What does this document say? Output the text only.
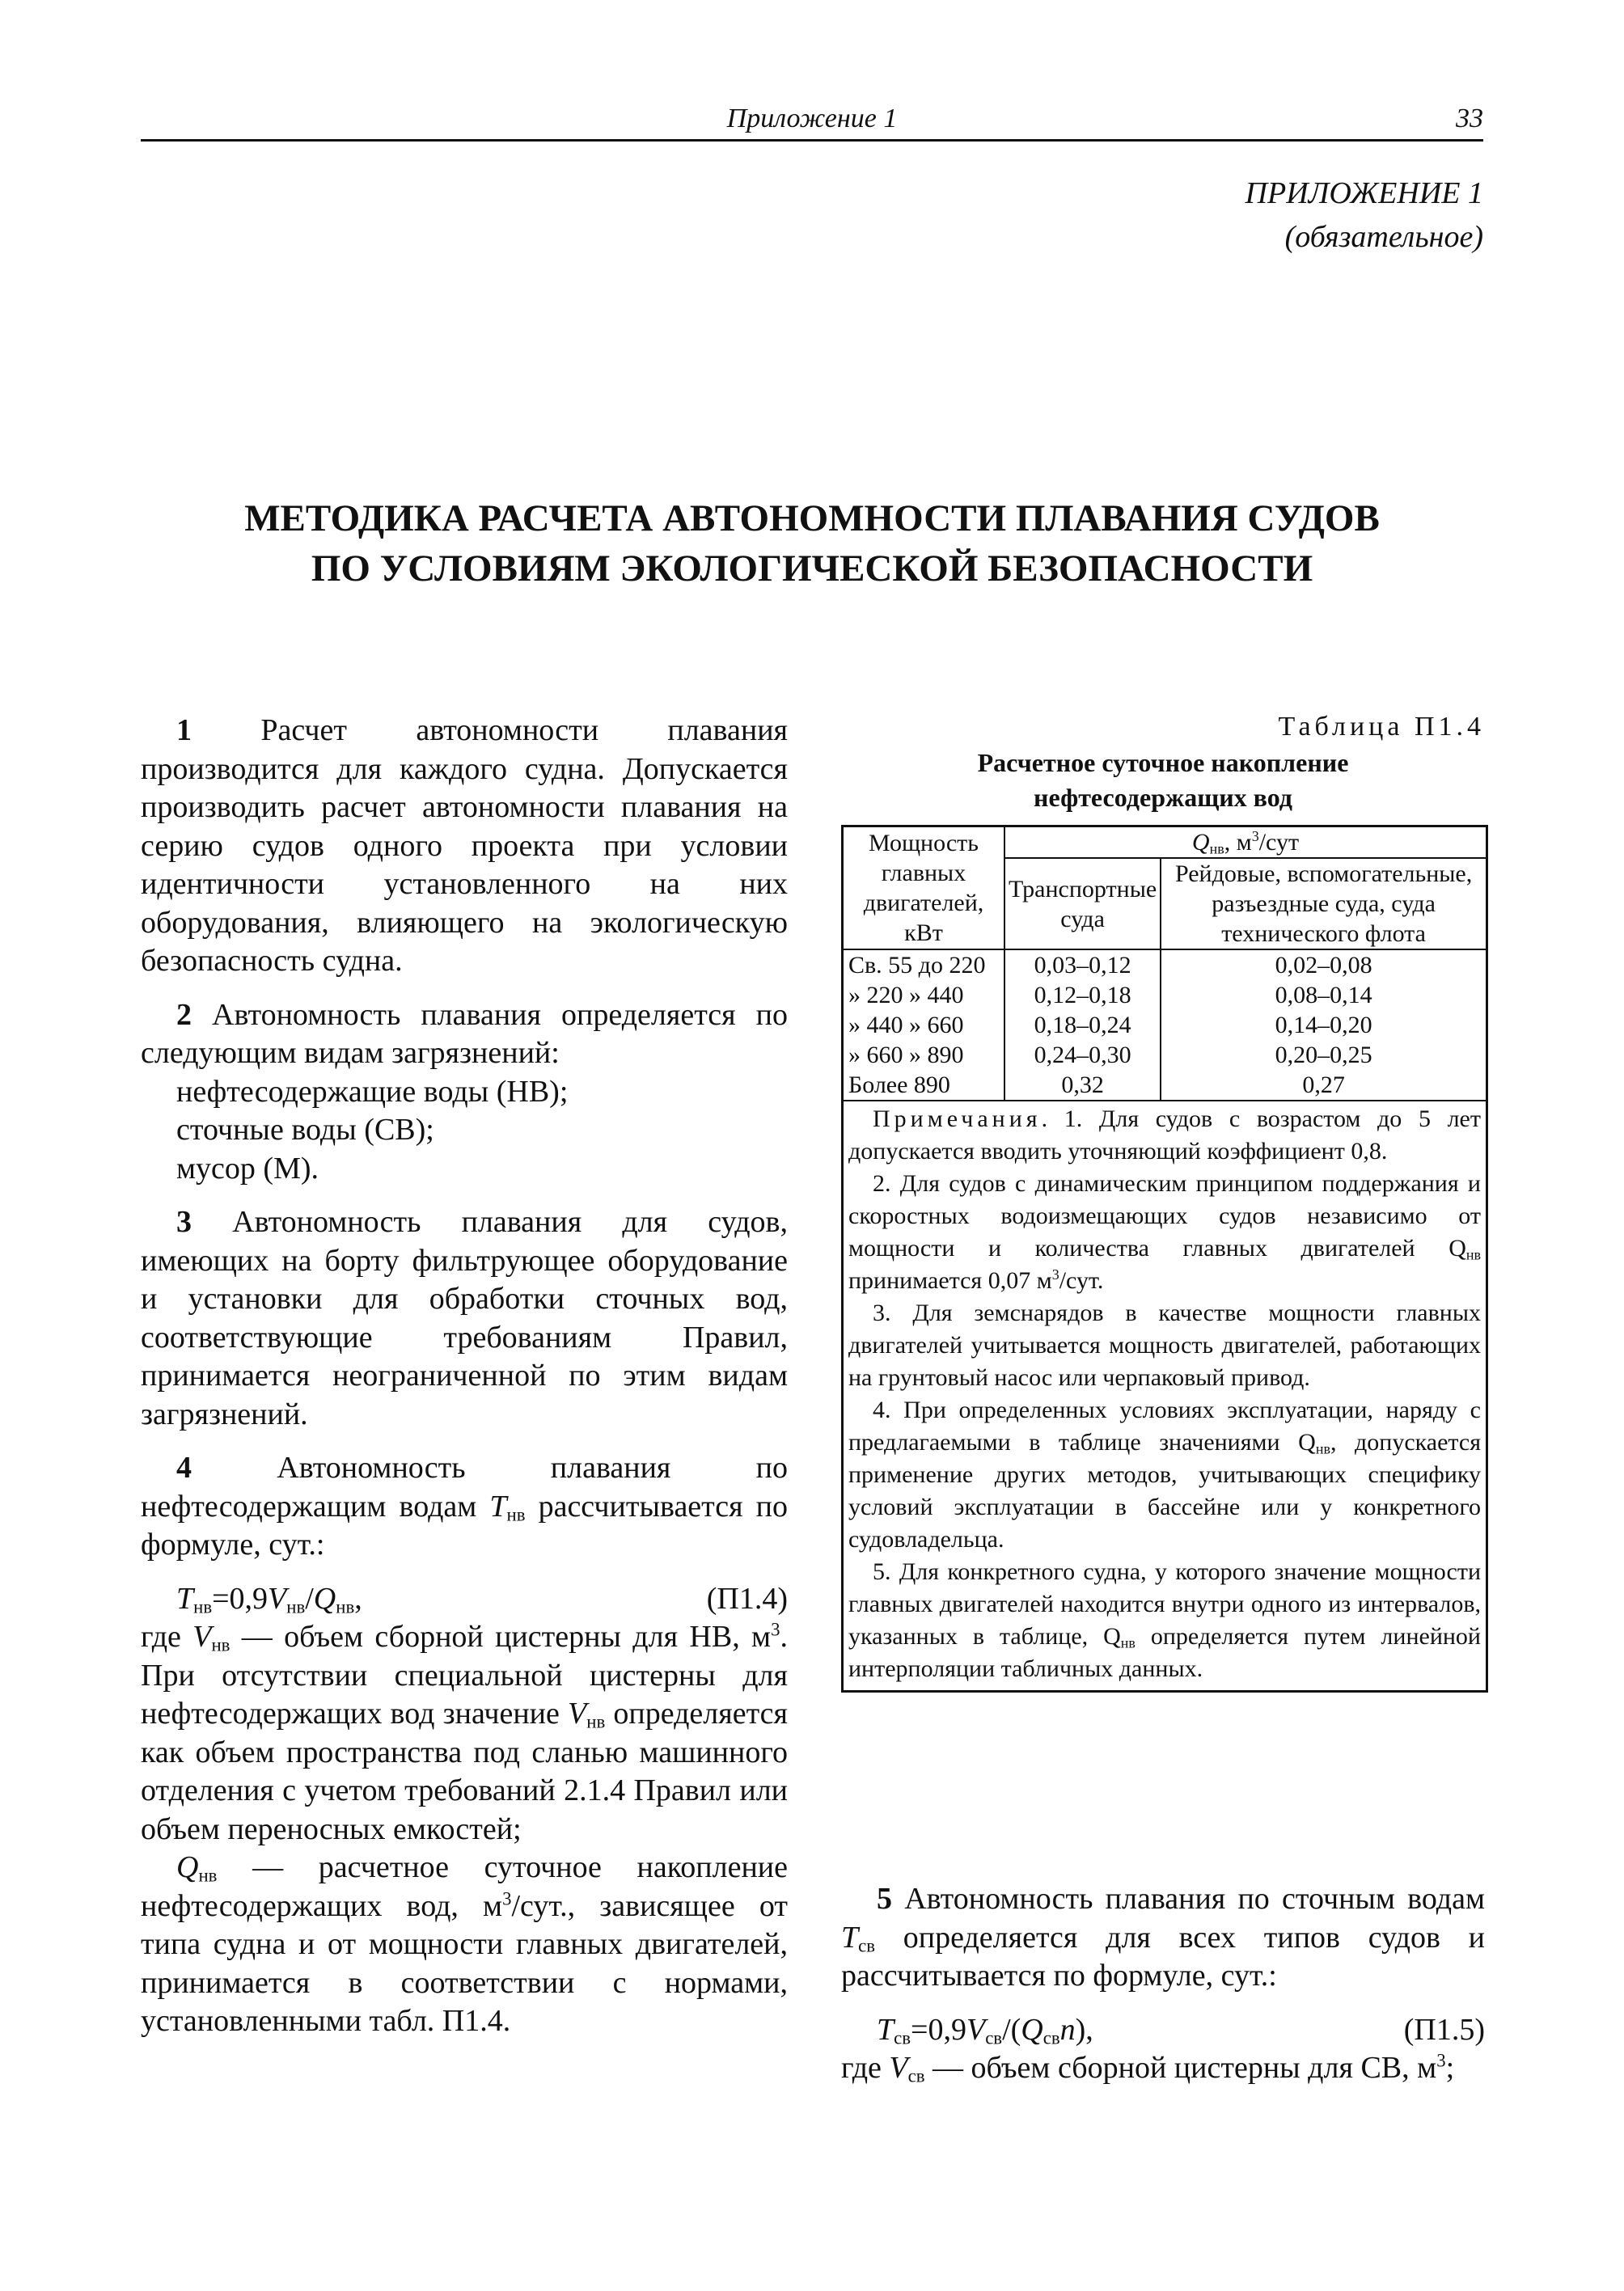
Приложение 1	33
ПРИЛОЖЕНИЕ 1
(обязательное)
МЕТОДИКА РАСЧЕТА АВТОНОМНОСТИ ПЛАВАНИЯ СУДОВ
ПО УСЛОВИЯМ ЭКОЛОГИЧЕСКОЙ БЕЗОПАСНОСТИ

1 Расчет автономности плавания производится для каждого судна. Допускается производить расчет автономности плавания на серию судов одного проекта при условии идентичности установленного на них оборудования, влияющего на экологическую безопасность судна.

2 Автономность плавания определяется по следующим видам загрязнений:

нефтесодержащие воды (НВ);

сточные воды (СВ);

мусор (М).

3 Автономность плавания для судов, имеющих на борту фильтрующее оборудование и установки для обработки сточных вод, соответствующие требованиям Правил, принимается неограниченной по этим видам загрязнений.

4	Автономность плавания по нефтесодержащим водам $T_{нв}$ рассчитывается по формуле, сут.:

$T_{нв}=0,9V_{нв}/Q_{нв}$,	(П1.4)

где $V_{нв}$ — объем сборной цистерны для НВ, $м^3$. При отсутствии специальной цистерны для нефтесодержащих вод значение $V_{нв}$ определяется как объем пространства под сланью машинного отделения с учетом требований 2.1.4 Правил или объем переносных емкостей;

$Q_{нв}$ — расчетное суточное накопление нефтесодержащих вод, $м^3$/сут., зависящее от типа судна и от мощности главных двигателей, принимается в соответствии с нормами, установленными табл. П1.4.

Таблица П1.4
Расчетное суточное накопление
нефтесодержащих вод
Мощность главных двигателей, кВт	$Q_{нв}$, $м^3$/сут	
	Транспортные суда	Рейдовые, вспомогательные, разъездные суда, суда технического флота
Св. 55 до 220	0,03–0,12	0,02–0,08
» 220 » 440	0,12–0,18	0,08–0,14
» 440 » 660	0,18–0,24	0,14–0,20
» 660 » 890	0,24–0,30	0,20–0,25
Более 890	0,32	0,27

Примечания. 1. Для судов с возрастом до 5 лет допускается вводить уточняющий коэффициент 0,8.

2. Для судов с динамическим принципом поддержания и скоростных водоизмещающих судов независимо от мощности и количества главных двигателей $Q_{нв}$ принимается 0,07 $м^3$/сут.

3. Для земснарядов в качестве мощности главных двигателей учитывается мощность двигателей, работающих на грунтовый насос или черпаковый привод.

4. При определенных условиях эксплуатации, наряду с предлагаемыми в таблице значениями $Q_{нв}$, допускается применение других методов, учитывающих специфику условий эксплуатации в бассейне или у конкретного судовладельца.

5. Для конкретного судна, у которого значение мощности главных двигателей находится внутри одного из интервалов, указанных в таблице, $Q_{нв}$ определяется путем линейной интерполяции табличных данных.

5 Автономность плавания по сточным водам $T_{св}$ определяется для всех типов судов и рассчитывается по формуле, сут.:

$T_{св}=0,9V_{св}/(Q_{св}n)$,	(П1.5)

где $V_{св}$ — объем сборной цистерны для СВ, $м^3$;
